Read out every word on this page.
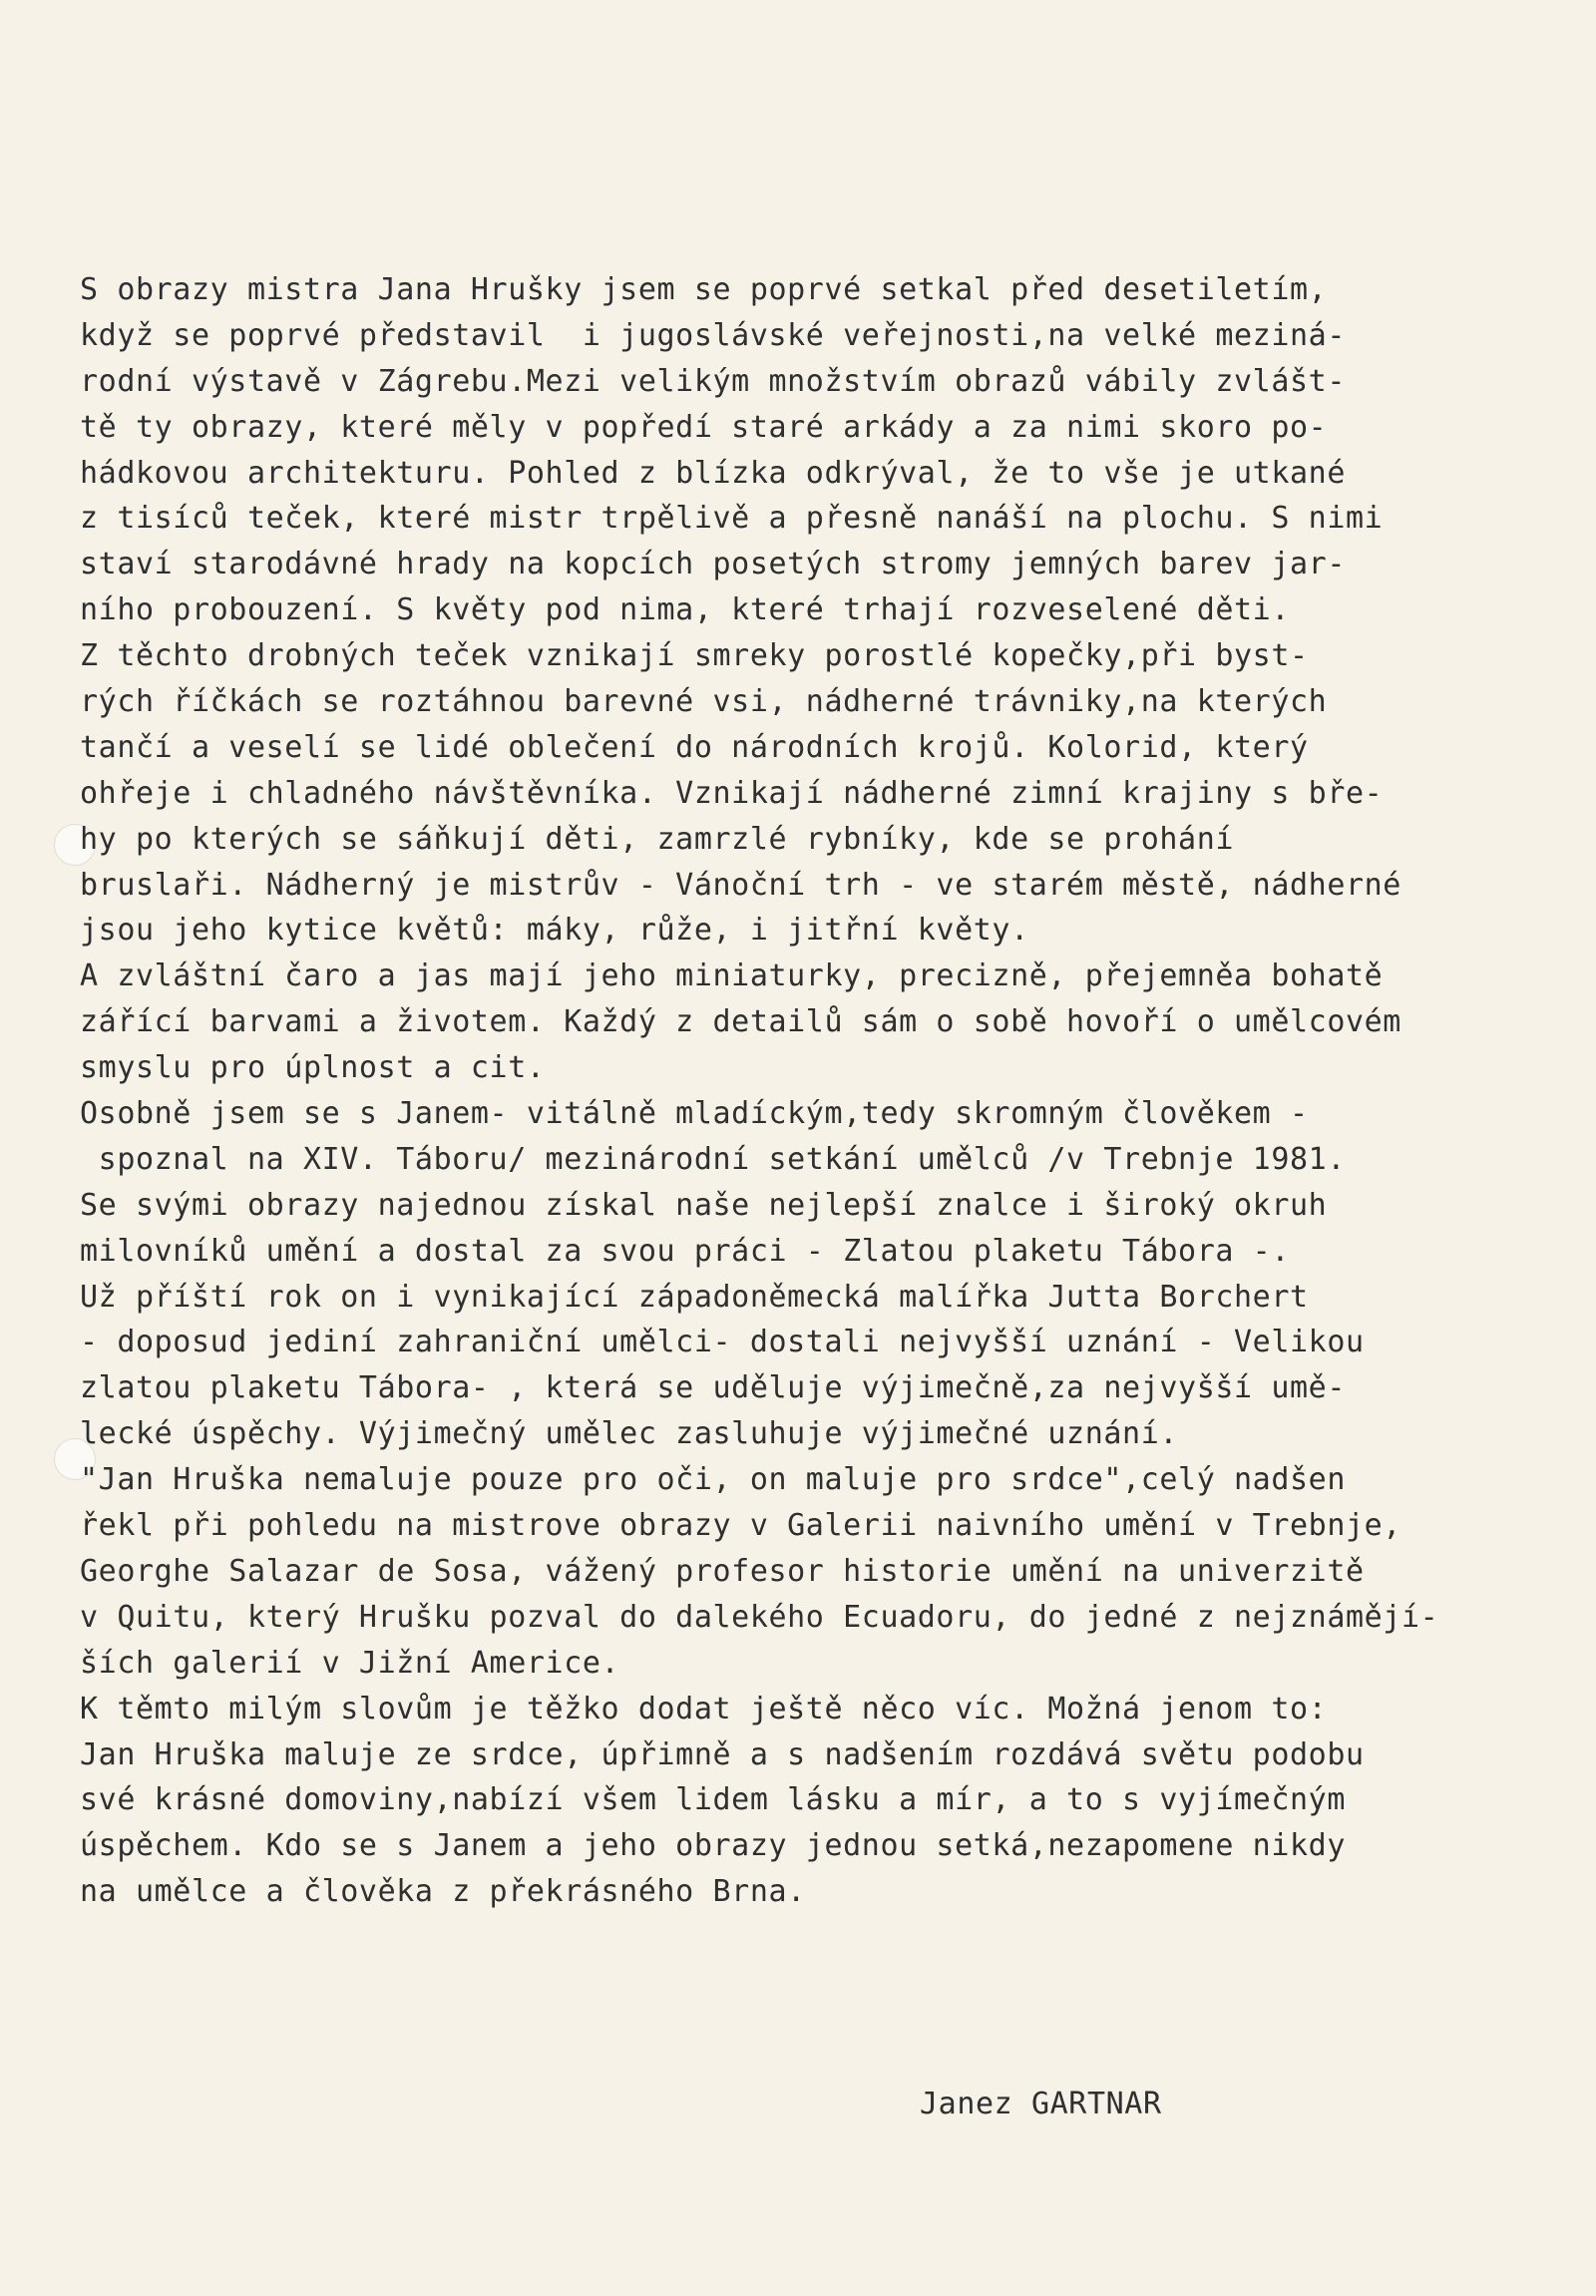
S obrazy mistra Jana Hrušky jsem se poprvé setkal před desetiletím,
když se poprvé představil  i jugoslávské veřejnosti,na velké meziná-
rodní výstavě v Zágrebu.Mezi velikým množstvím obrazů vábily zvlášt-
tě ty obrazy, které měly v popředí staré arkády a za nimi skoro po-
hádkovou architekturu. Pohled z blízka odkrýval, že to vše je utkané
z tisíců teček, které mistr trpělivě a přesně nanáší na plochu. S nimi
staví starodávné hrady na kopcích posetých stromy jemných barev jar-
ního probouzení. S květy pod nima, které trhají rozveselené děti.
Z těchto drobných teček vznikají smreky porostlé kopečky,při byst-
rých říčkách se roztáhnou barevné vsi, nádherné trávniky,na kterých
tančí a veselí se lidé oblečení do národních krojů. Kolorid, který
ohřeje i chladného návštěvníka. Vznikají nádherné zimní krajiny s bře-
hy po kterých se sáňkují děti, zamrzlé rybníky, kde se prohání
bruslaři. Nádherný je mistrův - Vánoční trh - ve starém městě, nádherné
jsou jeho kytice květů: máky, růže, i jitřní květy.
A zvláštní čaro a jas mají jeho miniaturky, precizně, přejemněa bohatě
zářící barvami a životem. Každý z detailů sám o sobě hovoří o umělcovém
smyslu pro úplnost a cit.
Osobně jsem se s Janem- vitálně mladíckým,tedy skromným člověkem -
spoznal na XIV. Táboru/ mezinárodní setkání umělců /v Trebnje 1981.
Se svými obrazy najednou získal naše nejlepší znalce i široký okruh
milovníků umění a dostal za svou práci - Zlatou plaketu Tábora -.
Už příští rok on i vynikající západoněmecká malířka Jutta Borchert
- doposud jediní zahraniční umělci- dostali nejvyšší uznání - Velikou
zlatou plaketu Tábora- , která se uděluje výjimečně,za nejvyšší umě-
lecké úspěchy. Výjimečný umělec zasluhuje výjimečné uznání.
"Jan Hruška nemaluje pouze pro oči, on maluje pro srdce",celý nadšen
řekl při pohledu na mistrove obrazy v Galerii naivního umění v Trebnje,
Georghe Salazar de Sosa, vážený profesor historie umění na univerzitě
v Quitu, který Hrušku pozval do dalekého Ecuadoru, do jedné z nejznámějí-
ších galerií v Jižní Americe.
K těmto milým slovům je těžko dodat ještě něco víc. Možná jenom to:
Jan Hruška maluje ze srdce, úpřimně a s nadšením rozdává světu podobu
své krásné domoviny,nabízí všem lidem lásku a mír, a to s vyjímečným
úspěchem. Kdo se s Janem a jeho obrazy jednou setká,nezapomene nikdy
na umělce a člověka z překrásného Brna.
Janez GARTNAR
